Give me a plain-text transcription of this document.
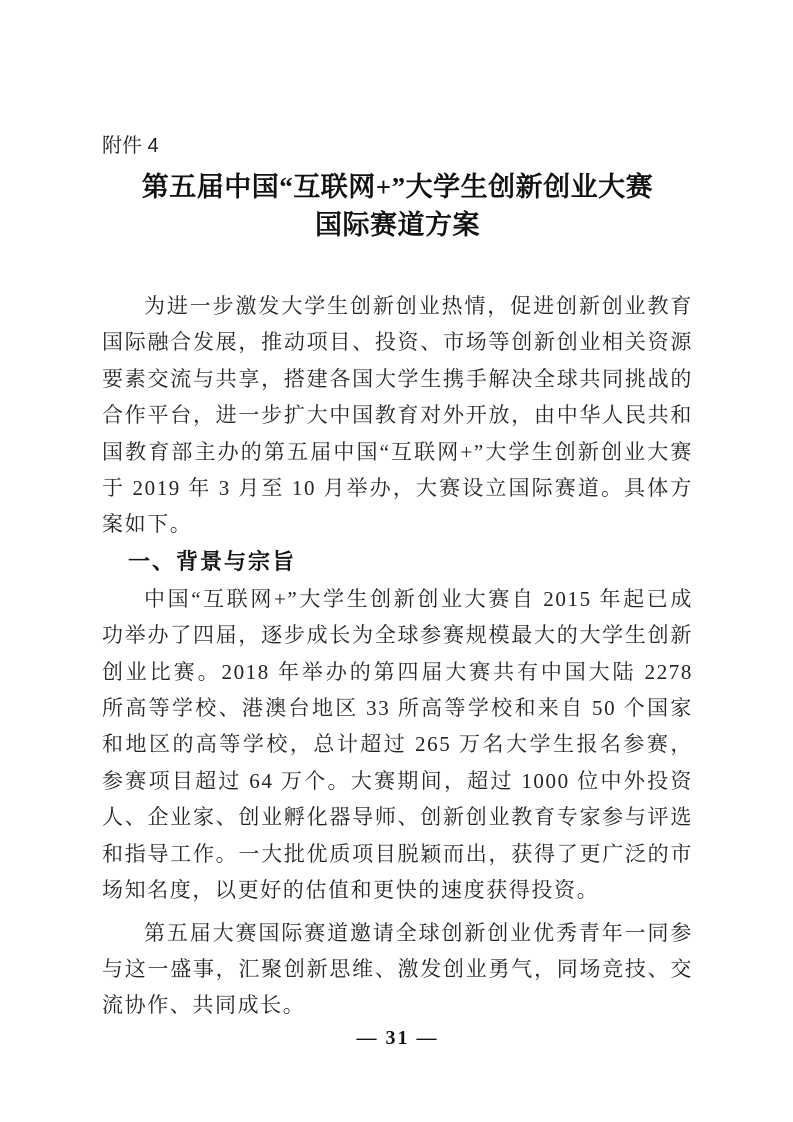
附件 4
第五届中国“互联网+”大学生创新创业大赛
国际赛道方案

为进一步激发大学生创新创业热情，促进创新创业教育国际融合发展，推动项目、投资、市场等创新创业相关资源要素交流与共享，搭建各国大学生携手解决全球共同挑战的合作平台，进一步扩大中国教育对外开放，由中华人民共和国教育部主办的第五届中国“互联网+”大学生创新创业大赛于 2019 年 3 月至 10 月举办，大赛设立国际赛道。具体方案如下。

一、背景与宗旨

中国“互联网+”大学生创新创业大赛自 2015 年起已成功举办了四届，逐步成长为全球参赛规模最大的大学生创新创业比赛。2018 年举办的第四届大赛共有中国大陆 2278 所高等学校、港澳台地区 33 所高等学校和来自 50 个国家和地区的高等学校，总计超过 265 万名大学生报名参赛，参赛项目超过 64 万个。大赛期间，超过 1000 位中外投资人、企业家、创业孵化器导师、创新创业教育专家参与评选和指导工作。一大批优质项目脱颖而出，获得了更广泛的市场知名度，以更好的估值和更快的速度获得投资。

第五届大赛国际赛道邀请全球创新创业优秀青年一同参与这一盛事，汇聚创新思维、激发创业勇气，同场竞技、交流协作、共同成长。

— 31 —
